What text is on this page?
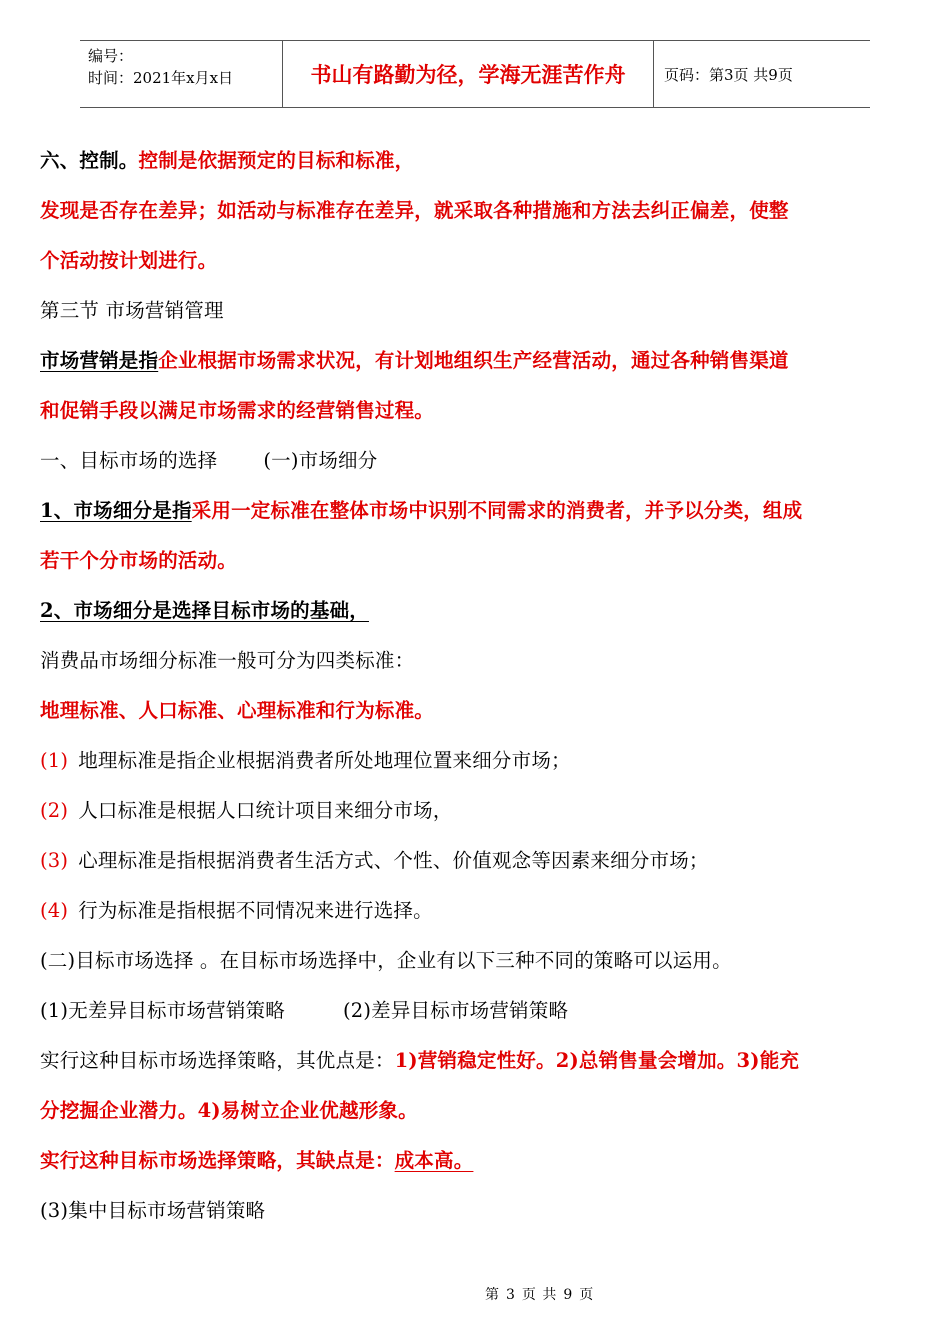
编号：
时间：2021年x月x日	书山有路勤为径，学海无涯苦作舟	页码：第3页 共9页
六、控制。控制是依据预定的目标和标准，
发现是否存在差异；如活动与标准存在差异，就采取各种措施和方法去纠正偏差，使整
个活动按计划进行。
第三节 市场营销管理
市场营销是指企业根据市场需求状况，有计划地组织生产经营活动，通过各种销售渠道
和促销手段以满足市场需求的经营销售过程。
一、目标市场的选择 (一)市场细分
1、市场细分是指采用一定标准在整体市场中识别不同需求的消费者，并予以分类，组成
若干个分市场的活动。
2、市场细分是选择目标市场的基础，
消费品市场细分标准一般可分为四类标准：
地理标准、人口标准、心理标准和行为标准。
(1) 地理标准是指企业根据消费者所处地理位置来细分市场；
(2) 人口标准是根据人口统计项目来细分市场，
(3) 心理标准是指根据消费者生活方式、个性、价值观念等因素来细分市场；
(4) 行为标准是指根据不同情况来进行选择。
(二)目标市场选择 。在目标市场选择中，企业有以下三种不同的策略可以运用。
(1)无差异目标市场营销策略	(2)差异目标市场营销策略
实行这种目标市场选择策略，其优点是：1)营销稳定性好。2)总销售量会增加。3)能充
分挖掘企业潜力。4)易树立企业优越形象。
实行这种目标市场选择策略，其缺点是：成本高。
(3)集中目标市场营销策略
第 3 页 共 9 页
